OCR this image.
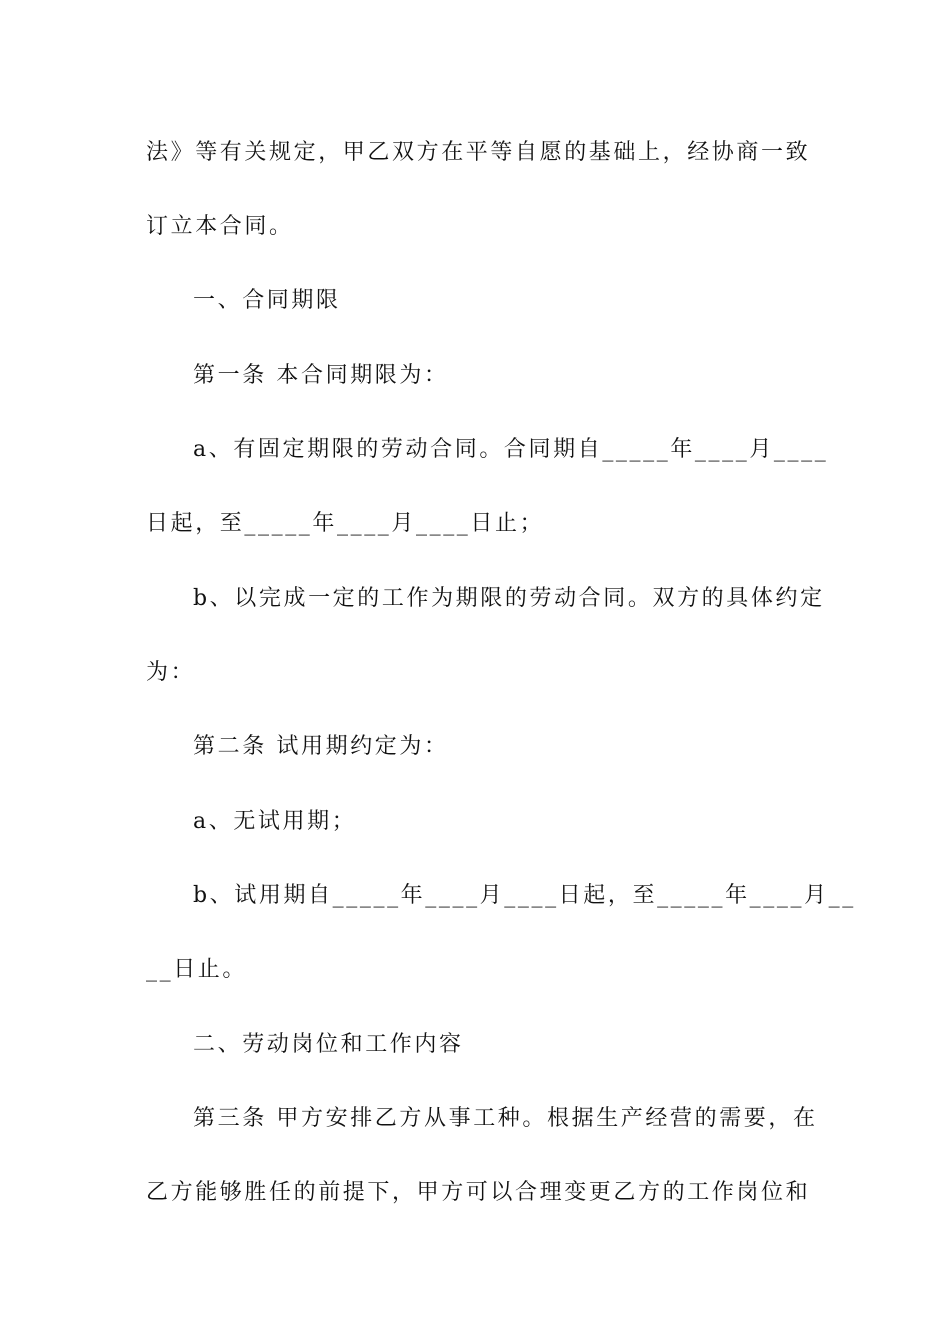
法》等有关规定，甲乙双方在平等自愿的基础上，经协商一致
订立本合同。
一、合同期限
第一条 本合同期限为：
a、有固定期限的劳动合同。合同期自_____年____月____
日起，至_____年____月____日止；
b、以完成一定的工作为期限的劳动合同。双方的具体约定
为：
第二条 试用期约定为：
a、无试用期；
b、试用期自_____年____月____日起，至_____年____月__
__日止。
二、劳动岗位和工作内容
第三条 甲方安排乙方从事工种。根据生产经营的需要，在
乙方能够胜任的前提下，甲方可以合理变更乙方的工作岗位和
